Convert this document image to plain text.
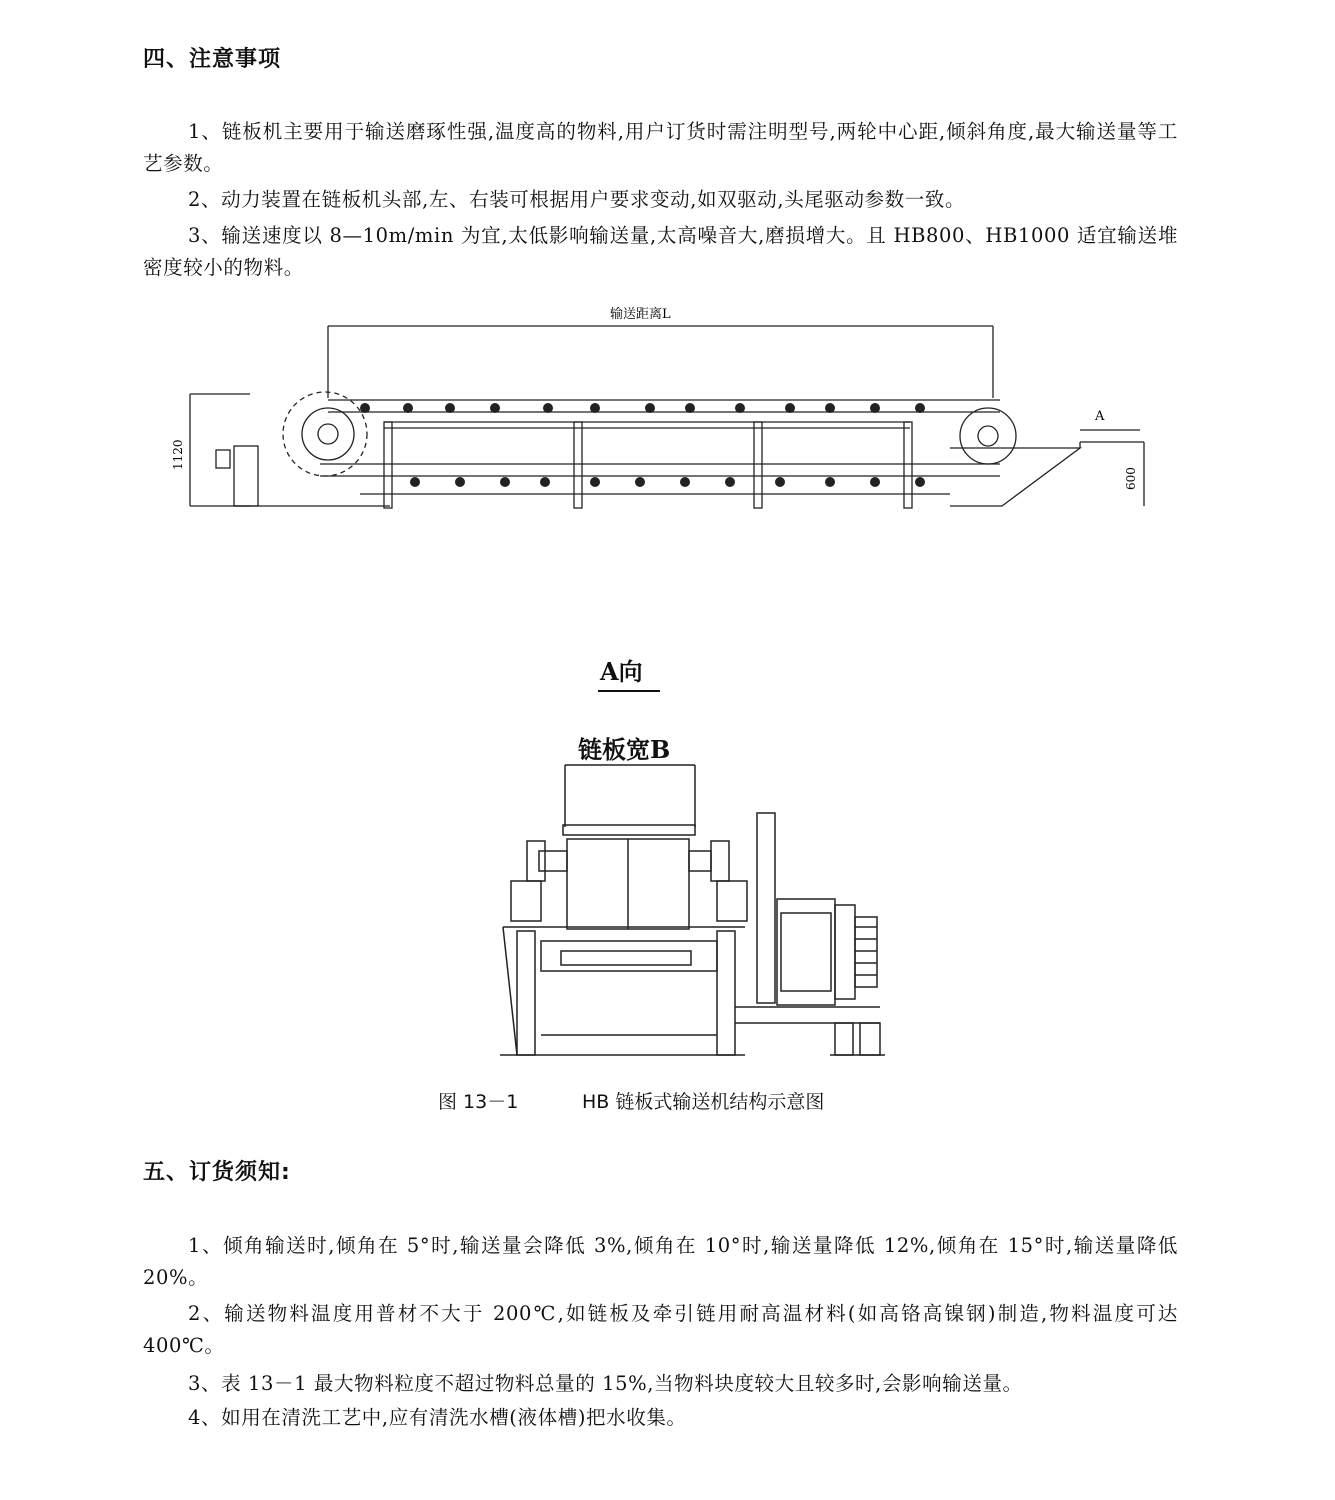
四、注意事项

1、链板机主要用于输送磨琢性强,温度高的物料,用户订货时需注明型号,两轮中心距,倾斜角度,最大输送量等工艺参数。

2、动力装置在链板机头部,左、右装可根据用户要求变动,如双驱动,头尾驱动参数一致。

3、输送速度以 8—10m/min 为宜,太低影响输送量,太高噪音大,磨损增大。且 HB800、HB1000 适宜输送堆密度较小的物料。

输送距离L
1120
600
A
A向
链板宽B
图 13－1	HB 链板式输送机结构示意图
五、订货须知:

1、倾角输送时,倾角在 5°时,输送量会降低 3%,倾角在 10°时,输送量降低 12%,倾角在 15°时,输送量降低 20%。

2、输送物料温度用普材不大于 200℃,如链板及牵引链用耐高温材料(如高铬高镍钢)制造,物料温度可达 400℃。

3、表 13－1 最大物料粒度不超过物料总量的 15%,当物料块度较大且较多时,会影响输送量。

4、如用在清洗工艺中,应有清洗水槽(液体槽)把水收集。
